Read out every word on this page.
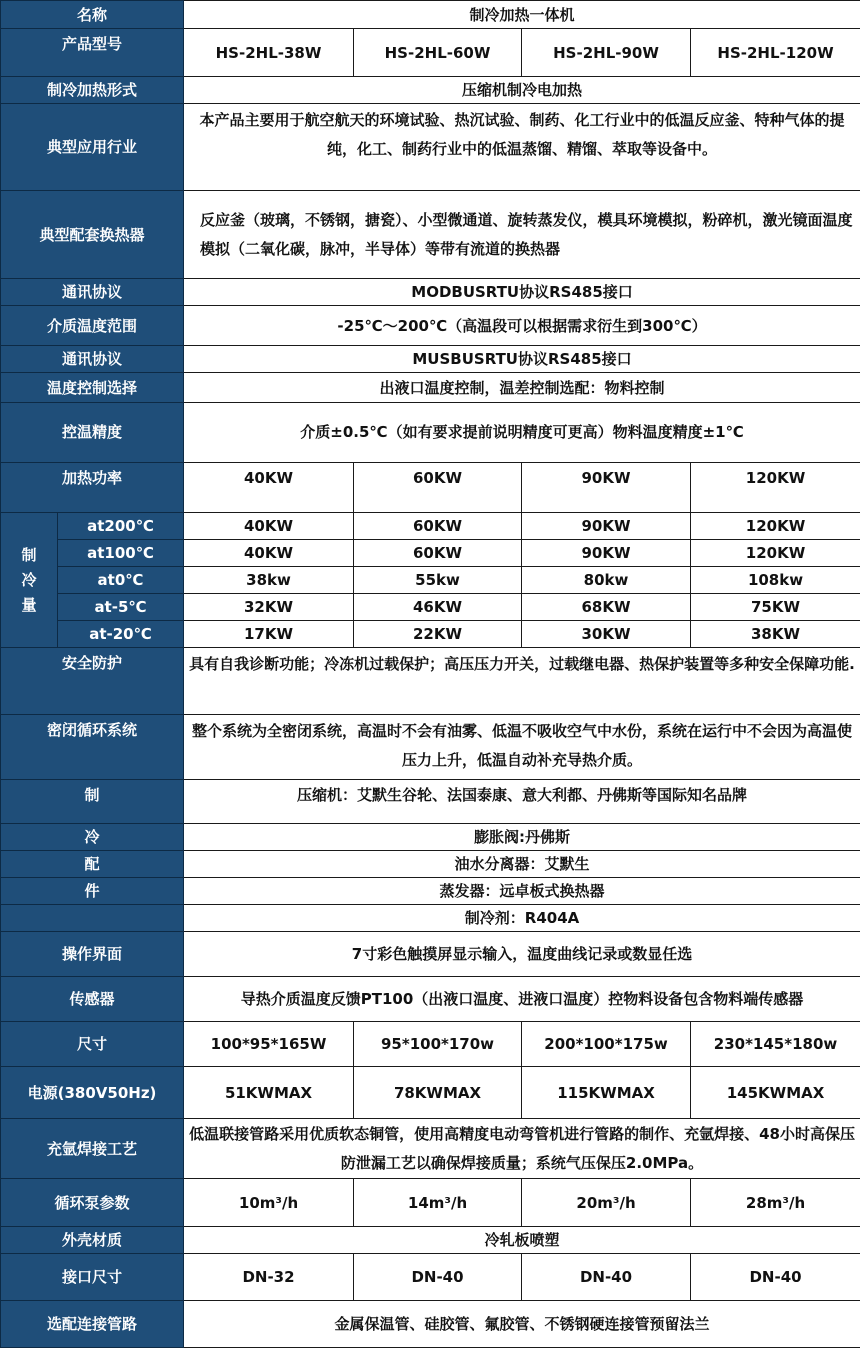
名称		制冷加热一体机			
产品型号		HS-2HL-38W	HS-2HL-60W	HS-2HL-90W	HS-2HL-120W
制冷加热形式		压缩机制冷电加热			
典型应用行业		本产品主要用于航空航天的环境试验、热沉试验、制药、化工行业中的低温反应釜、特种气体的提纯，化工、制药行业中的低温蒸馏、精馏、萃取等设备中。			
典型配套换热器		反应釜（玻璃，不锈钢，搪瓷）、小型微通道、旋转蒸发仪，模具环境模拟，粉碎机，激光镜面温度模拟（二氧化碳，脉冲，半导体）等带有流道的换热器			
通讯协议		MODBUSRTU协议RS485接口			
介质温度范围		-25℃～200℃（高温段可以根据需求衍生到300℃）			
通讯协议		MUSBUSRTU协议RS485接口			
温度控制选择		出液口温度控制，温差控制选配：物料控制			
控温精度		介质±0.5℃（如有要求提前说明精度可更高）物料温度精度±1℃			
加热功率		40KW	60KW	90KW	120KW

制
冷
量	at200℃	40KW	60KW	90KW	120KW
	at100℃	40KW	60KW	90KW	120KW
	at0℃	38kw	55kw	80kw	108kw
	at-5℃	32KW	46KW	68KW	75KW
	at-20℃	17KW	22KW	30KW	38KW
安全防护		具有自我诊断功能；冷冻机过载保护；高压压力开关，过载继电器、热保护装置等多种安全保障功能.			
密闭循环系统		整个系统为全密闭系统，高温时不会有油雾、低温不吸收空气中水份，系统在运行中不会因为高温使压力上升，低温自动补充导热介质。			
制		压缩机：艾默生谷轮、法国泰康、意大利都、丹佛斯等国际知名品牌			
冷		膨胀阀:丹佛斯			
配		油水分离器：艾默生			
件		蒸发器：远卓板式换热器			
		制冷剂：R404A			
操作界面		7寸彩色触摸屏显示输入，温度曲线记录或数显任选			
传感器		导热介质温度反馈PT100（出液口温度、进液口温度）控物料设备包含物料端传感器			
尺寸		100*95*165W	95*100*170w	200*100*175w	230*145*180w
电源(380V50Hz)		51KWMAX	78KWMAX	115KWMAX	145KWMAX
充氩焊接工艺		低温联接管路采用优质软态铜管，使用高精度电动弯管机进行管路的制作、充氩焊接、48小时高保压防泄漏工艺以确保焊接质量；系统气压保压2.0MPa。			
循环泵参数		10m³/h	14m³/h	20m³/h	28m³/h
外壳材质		冷轧板喷塑			
接口尺寸		DN-32	DN-40	DN-40	DN-40
选配连接管路		金属保温管、硅胶管、氟胶管、不锈钢硬连接管预留法兰			
